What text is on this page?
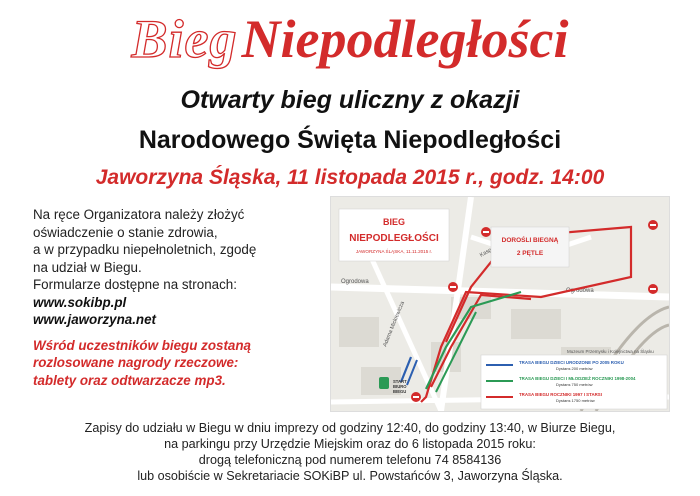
Bieg Niepodległości
Otwarty bieg uliczny z okazji
Narodowego Święta Niepodległości
Jaworzyna Śląska, 11 listopada 2015 r., godz. 14:00

Na ręce Organizatora należy złożyć

oświadczenie o stanie zdrowia,

a w przypadku niepełnoletnich, zgodę

na udział w Biegu.

Formularze dostępne na stronach:

www.sokibp.pl

www.jaworzyna.net

Wśród uczestników biegu zostaną

rozlosowane nagrody rzeczowe:

tablety oraz odtwarzacze mp3.

Ogrodowa
Ogrodowa
Adama Mickiewicza
Muzeum Przemysłu i Kolejnictwa na Śląsku
BIEG
NIEPODLEGŁOŚCI
JAWORZYNA ŚLĄSKA, 11.11.2015 r.
DOROŚLI BIEGNĄ
2 PĘTLE
START
BIURO
BIEGU
TRASA BIEGU DZIECI URODZONE PO 2005 ROKU
Dystans 200 metrów
TRASA BIEGU DZIECI I MŁODZIEŻ ROCZNIKI 1998-2004
Dystans 750 metrów
TRASA BIEGU ROCZNIKI 1997 I STARSI
Dystans 1750 metrów

Zapisy do udziału w Biegu w dniu imprezy od godziny 12:40, do godziny 13:40, w Biurze Biegu,

na parkingu przy Urzędzie Miejskim oraz do 6 listopada 2015 roku:

drogą telefoniczną pod numerem telefonu 74 8584136

lub osobiście w Sekretariacie SOKiBP ul. Powstańców 3, Jaworzyna Śląska.
